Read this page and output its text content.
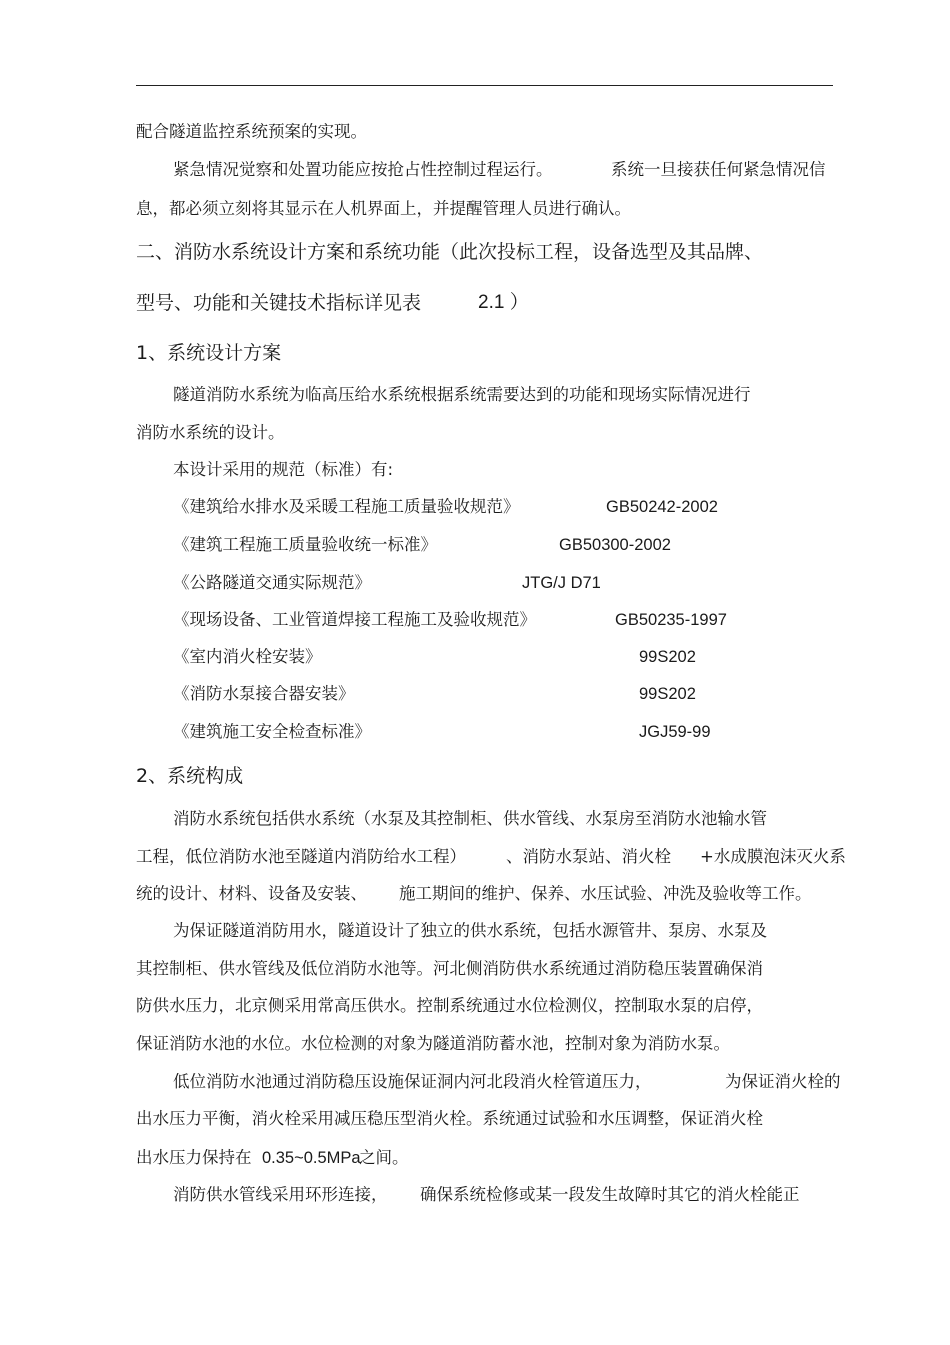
配合隧道监控系统预案的实现。
紧急情况觉察和处置功能应按抢占性控制过程运行。	系统一旦接获任何紧急情况信
息，都必须立刻将其显示在人机界面上，并提醒管理人员进行确认。
二、消防水系统设计方案和系统功能（此次投标工程，设备选型及其品牌、
型号、功能和关键技术指标详见表	2.1 ）
1、系统设计方案
隧道消防水系统为临高压给水系统根据系统需要达到的功能和现场实际情况进行
消防水系统的设计。
本设计采用的规范（标准）有:
《建筑给水排水及采暖工程施工质量验收规范》	GB50242-2002
《建筑工程施工质量验收统一标准》	GB50300-2002
《公路隧道交通实际规范》	JTG/J D71
《现场设备、工业管道焊接工程施工及验收规范》	GB50235-1997
《室内消火栓安装》	99S202
《消防水泵接合器安装》	99S202
《建筑施工安全检查标准》	JGJ59-99
2、系统构成
消防水系统包括供水系统（水泵及其控制柜、供水管线、水泵房至消防水池输水管
工程，低位消防水池至隧道内消防给水工程） 、消防水泵站、消火栓 +水成膜泡沫灭火系
统的设计、材料、设备及安装、 施工期间的维护、保养、水压试验、冲洗及验收等工作。
为保证隧道消防用水，隧道设计了独立的供水系统，包括水源管井、泵房、水泵及
其控制柜、供水管线及低位消防水池等。河北侧消防供水系统通过消防稳压装置确保消
防供水压力，北京侧采用常高压供水。控制系统通过水位检测仪，控制取水泵的启停，
保证消防水池的水位。水位检测的对象为隧道消防蓄水池，控制对象为消防水泵。
低位消防水池通过消防稳压设施保证洞内河北段消火栓管道压力，	为保证消火栓的
出水压力平衡，消火栓采用减压稳压型消火栓。系统通过试验和水压调整，保证消火栓
出水压力保持在 0.35~0.5MPa
之间。
消防供水管线采用环形连接， 确保系统检修或某一段发生故障时其它的消火栓能正
